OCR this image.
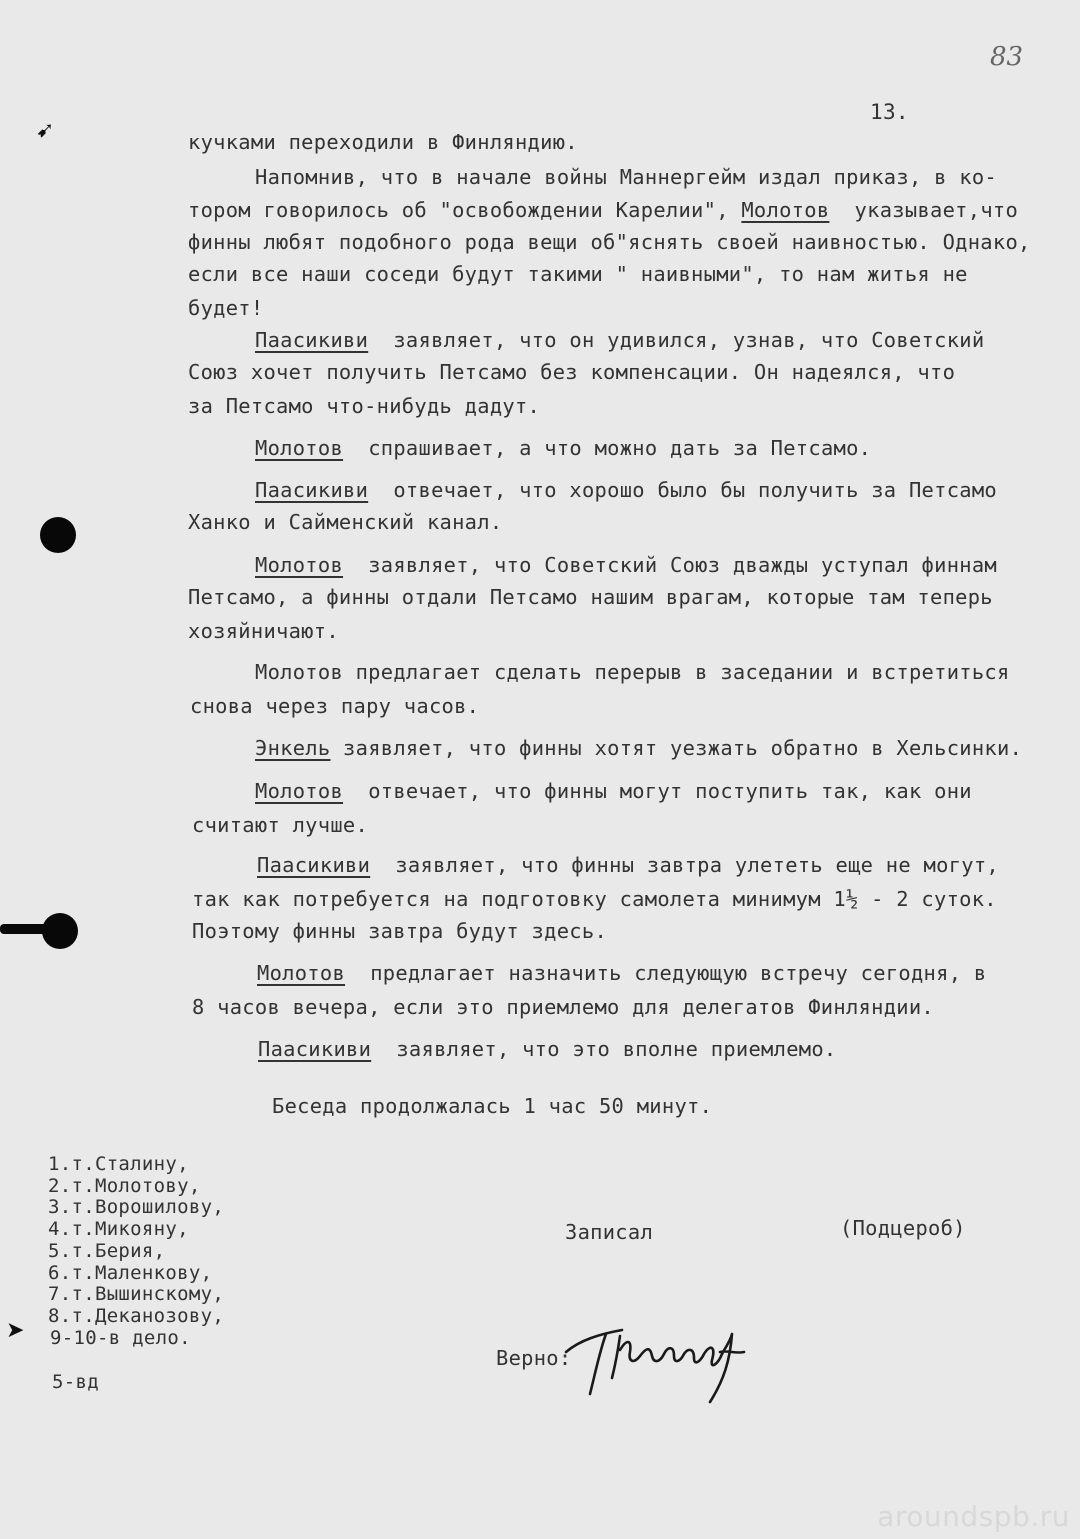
➹
➤
83
13.
кучками переходили в Финляндию.
Напомнив, что в начале войны Маннергейм издал приказ, в ко-
тором говорилось об "освобождении Карелии", Молотов  указывает,что
финны любят подобного рода вещи об"яснять своей наивностью. Однако,
если все наши соседи будут такими " наивными", то нам житья не
будет!
Паасикиви  заявляет, что он удивился, узнав, что Советский
Союз хочет получить Петсамо без компенсации. Он надеялся, что
за Петсамо что-нибудь дадут.
Молотов  спрашивает, а что можно дать за Петсамо.
Паасикиви  отвечает, что хорошо было бы получить за Петсамо
Ханко и Сайменский канал.
Молотов  заявляет, что Советский Союз дважды уступал финнам
Петсамо, а финны отдали Петсамо нашим врагам, которые там теперь
хозяйничают.
Молотов предлагает сделать перерыв в заседании и встретиться
снова через пару часов.
Энкель заявляет, что финны хотят уезжать обратно в Хельсинки.
Молотов  отвечает, что финны могут поступить так, как они
считают лучше.
Паасикиви  заявляет, что финны завтра улететь еще не могут,
так как потребуется на подготовку самолета минимум 1½ - 2 суток.
Поэтому финны завтра будут здесь.
Молотов  предлагает назначить следующую встречу сегодня, в
8 часов вечера, если это приемлемо для делегатов Финляндии.
Паасикиви  заявляет, что это вполне приемлемо.
Беседа продолжалась 1 час 50 минут.
1.т.Сталину,
2.т.Молотову,
3.т.Ворошилову,
4.т.Микояну,
5.т.Берия,
6.т.Маленкову,
7.т.Вышинскому,
8.т.Деканозову,
9-10-в дело.
5-вд
Записал	(Подцероб)
Верно:
aroundspb.ru
